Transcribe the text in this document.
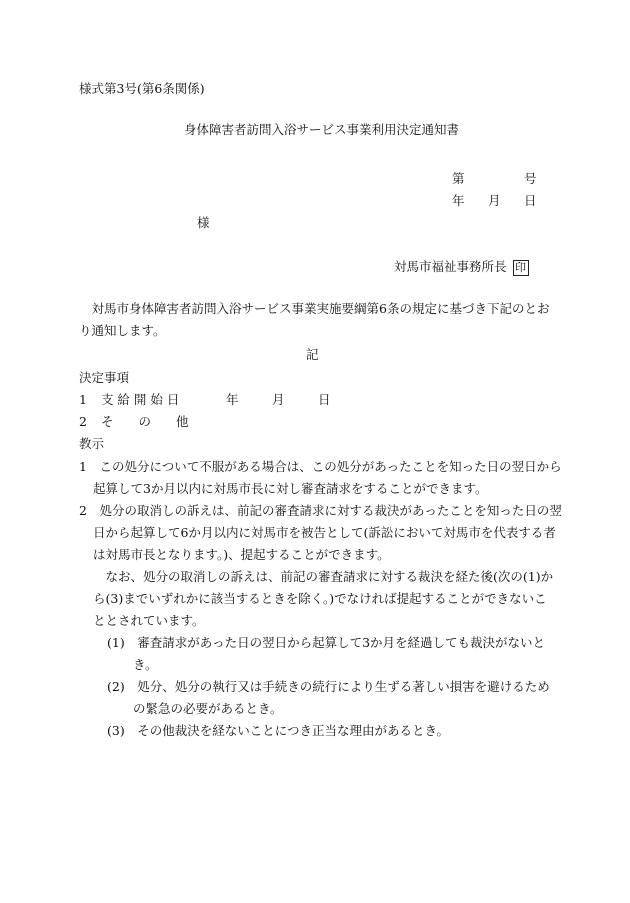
様式第3号(第6条関係)
身体障害者訪問入浴サービス事業利用決定通知書
第	号
年 月 日
様
対馬市福祉事務所長 印
対馬市身体障害者訪問入浴サービス事業実施要綱第6条の規定に基づき下記のとおり通知します。
記
決定事項
1 支 給 開 始 日	年	月	日
2 そ　　の　　他
教示
1　この処分について不服がある場合は、この処分があったことを知った日の翌日から起算して3か月以内に対馬市長に対し審査請求をすることができます。
2　処分の取消しの訴えは、前記の審査請求に対する裁決があったことを知った日の翌日から起算して6か月以内に対馬市を被告として(訴訟において対馬市を代表する者は対馬市長となります。)、提起することができます。
なお、処分の取消しの訴えは、前記の審査請求に対する裁決を経た後(次の(1)から(3)までいずれかに該当するときを除く。)でなければ提起することができないこととされています。
(1)　審査請求があった日の翌日から起算して3か月を経過しても裁決がないとき。
(2)　処分、処分の執行又は手続きの続行により生ずる著しい損害を避けるための緊急の必要があるとき。
(3)　その他裁決を経ないことにつき正当な理由があるとき。
